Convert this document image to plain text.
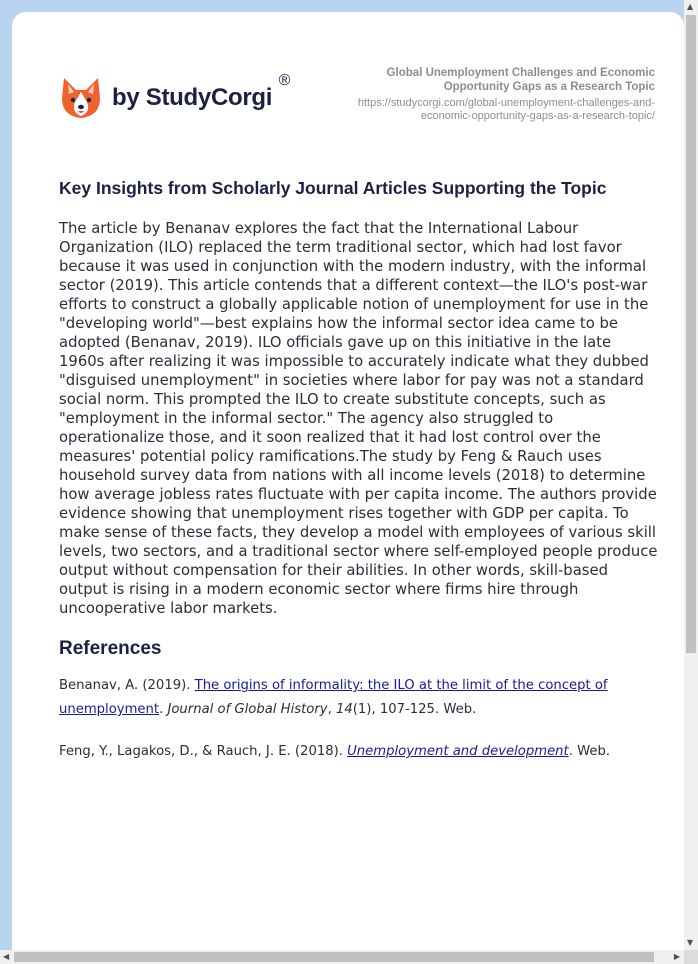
by StudyCorgi
®	Global Unemployment Challenges and Economic Opportunity Gaps as a Research Topic
https://studycorgi.com/global-unemployment-challenges-and-economic-opportunity-gaps-as-a-research-topic/
Key Insights from Scholarly Journal Articles Supporting the Topic
The article by Benanav explores the fact that the International Labour Organization (ILO) replaced the term traditional sector, which had lost favor because it was used in conjunction with the modern industry, with the informal sector (2019). This article contends that a different context—the ILO's post-war efforts to construct a globally applicable notion of unemployment for use in the "developing world"—best explains how the informal sector idea came to be adopted (Benanav, 2019). ILO officials gave up on this initiative in the late 1960s after realizing it was impossible to accurately indicate what they dubbed "disguised unemployment" in societies where labor for pay was not a standard social norm. This prompted the ILO to create substitute concepts, such as "employment in the informal sector." The agency also struggled to operationalize those, and it soon realized that it had lost control over the measures' potential policy ramifications.The study by Feng & Rauch uses household survey data from nations with all income levels (2018) to determine how average jobless rates fluctuate with per capita income. The authors provide evidence showing that unemployment rises together with GDP per capita. To make sense of these facts, they develop a model with employees of various skill levels, two sectors, and a traditional sector where self-employed people produce output without compensation for their abilities. In other words, skill-based output is rising in a modern economic sector where firms hire through uncooperative labor markets.
References
Benanav, A. (2019). The origins of informality: the ILO at the limit of the concept of unemployment. Journal of Global History, 14(1), 107-125. Web.
Feng, Y., Lagakos, D., & Rauch, J. E. (2018). Unemployment and development. Web.
▲
▼
◀	▶
